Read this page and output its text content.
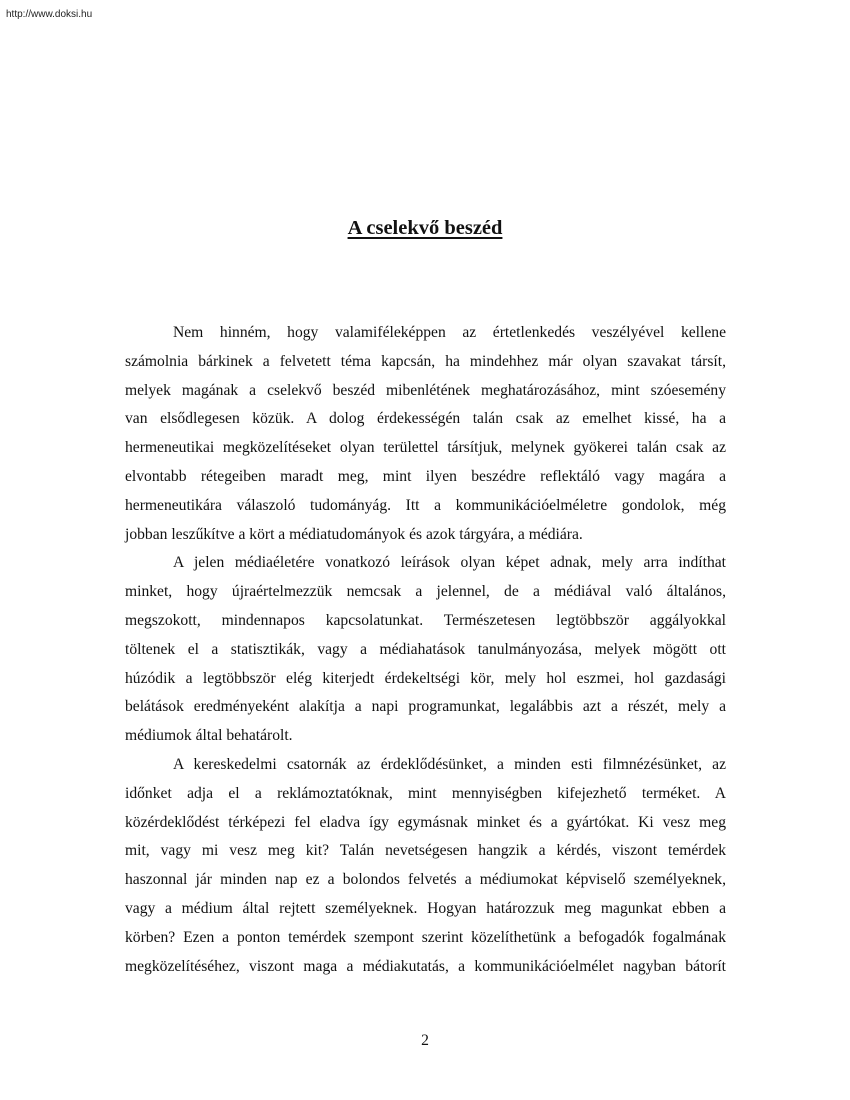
http://www.doksi.hu
A cselekvő beszéd
Nem hinném, hogy valamiféleképpen az értetlenkedés veszélyével kellene
számolnia bárkinek a felvetett téma kapcsán, ha mindehhez már olyan szavakat társít,
melyek magának a cselekvő beszéd mibenlétének meghatározásához, mint szóesemény
van elsődlegesen közük. A dolog érdekességén talán csak az emelhet kissé, ha a
hermeneutikai megközelítéseket olyan területtel társítjuk, melynek gyökerei talán csak az
elvontabb rétegeiben maradt meg, mint ilyen beszédre reflektáló vagy magára a
hermeneutikára válaszoló tudományág. Itt a kommunikációelméletre gondolok, még
jobban leszűkítve a kört a médiatudományok és azok tárgyára, a médiára.
A jelen médiaéletére vonatkozó leírások olyan képet adnak, mely arra indíthat
minket, hogy újraértelmezzük nemcsak a jelennel, de a médiával való általános,
megszokott, mindennapos kapcsolatunkat. Természetesen legtöbbször aggályokkal
töltenek el a statisztikák, vagy a médiahatások tanulmányozása, melyek mögött ott
húzódik a legtöbbször elég kiterjedt érdekeltségi kör, mely hol eszmei, hol gazdasági
belátások eredményeként alakítja a napi programunkat, legalábbis azt a részét, mely a
médiumok által behatárolt.
A kereskedelmi csatornák az érdeklődésünket, a minden esti filmnézésünket, az
időnket adja el a reklámoztatóknak, mint mennyiségben kifejezhető terméket. A
közérdeklődést térképezi fel eladva így egymásnak minket és a gyártókat. Ki vesz meg
mit, vagy mi vesz meg kit? Talán nevetségesen hangzik a kérdés, viszont temérdek
haszonnal jár minden nap ez a bolondos felvetés a médiumokat képviselő személyeknek,
vagy a médium által rejtett személyeknek. Hogyan határozzuk meg magunkat ebben a
körben? Ezen a ponton temérdek szempont szerint közelíthetünk a befogadók fogalmának
megközelítéséhez, viszont maga a médiakutatás, a kommunikációelmélet nagyban bátorít
2
